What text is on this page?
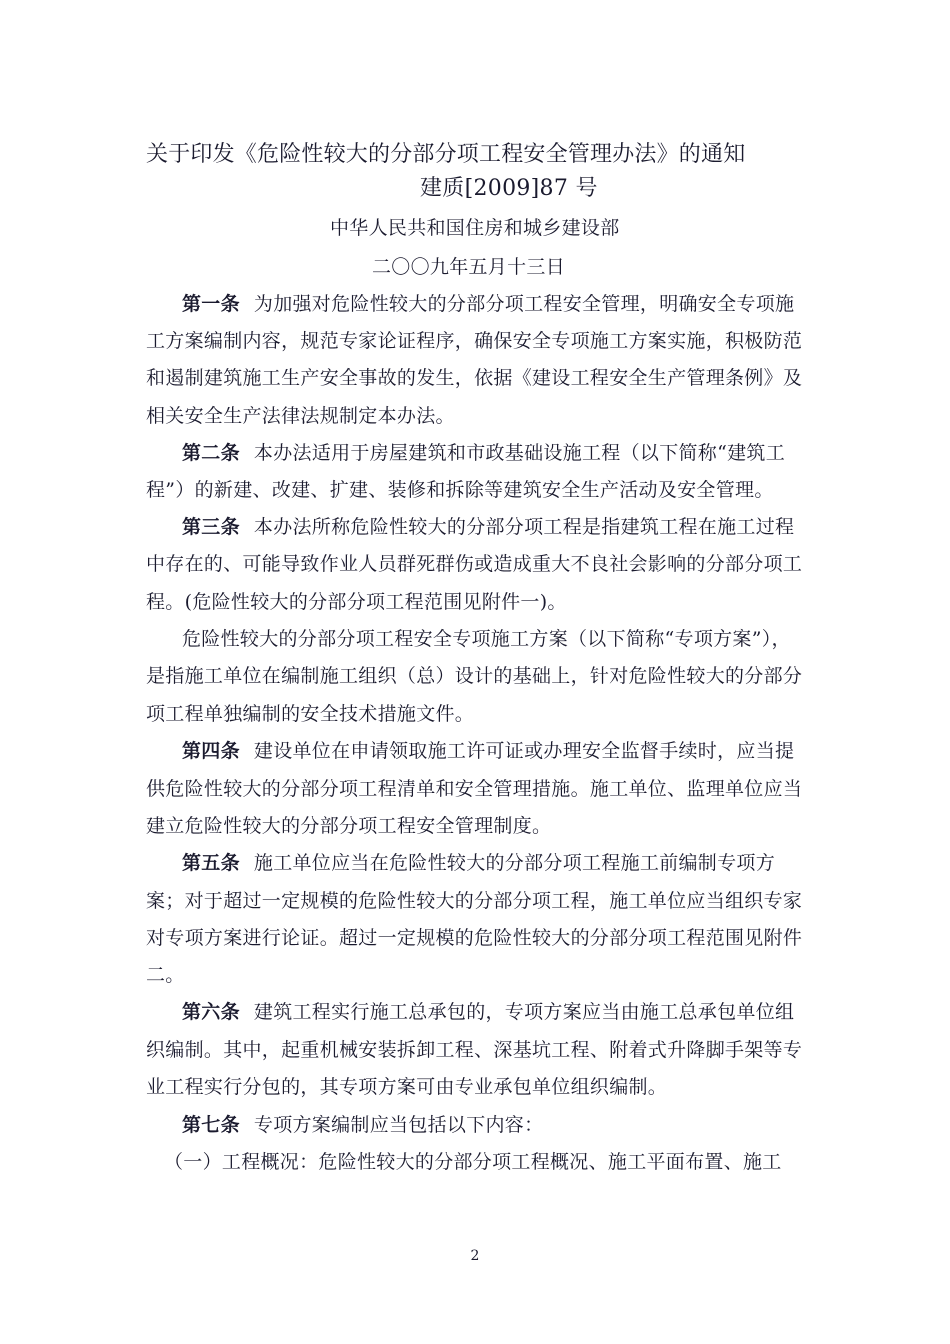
关于印发《危险性较大的分部分项工程安全管理办法》的通知
建质[2009]87 号
中华人民共和国住房和城乡建设部
二〇〇九年五月十三日
第一条 为加强对危险性较大的分部分项工程安全管理，明确安全专项施
工方案编制内容，规范专家论证程序，确保安全专项施工方案实施，积极防范
和遏制建筑施工生产安全事故的发生，依据《建设工程安全生产管理条例》及
相关安全生产法律法规制定本办法。
第二条 本办法适用于房屋建筑和市政基础设施工程（以下简称“建筑工
程”）的新建、改建、扩建、装修和拆除等建筑安全生产活动及安全管理。
第三条 本办法所称危险性较大的分部分项工程是指建筑工程在施工过程
中存在的、可能导致作业人员群死群伤或造成重大不良社会影响的分部分项工
程。(危险性较大的分部分项工程范围见附件一)。
危险性较大的分部分项工程安全专项施工方案（以下简称“专项方案”），
是指施工单位在编制施工组织（总）设计的基础上，针对危险性较大的分部分
项工程单独编制的安全技术措施文件。
第四条 建设单位在申请领取施工许可证或办理安全监督手续时，应当提
供危险性较大的分部分项工程清单和安全管理措施。施工单位、监理单位应当
建立危险性较大的分部分项工程安全管理制度。
第五条 施工单位应当在危险性较大的分部分项工程施工前编制专项方
案；对于超过一定规模的危险性较大的分部分项工程，施工单位应当组织专家
对专项方案进行论证。超过一定规模的危险性较大的分部分项工程范围见附件
二。
第六条 建筑工程实行施工总承包的，专项方案应当由施工总承包单位组
织编制。其中，起重机械安装拆卸工程、深基坑工程、附着式升降脚手架等专
业工程实行分包的，其专项方案可由专业承包单位组织编制。
第七条 专项方案编制应当包括以下内容：
（一）工程概况：危险性较大的分部分项工程概况、施工平面布置、施工
2
